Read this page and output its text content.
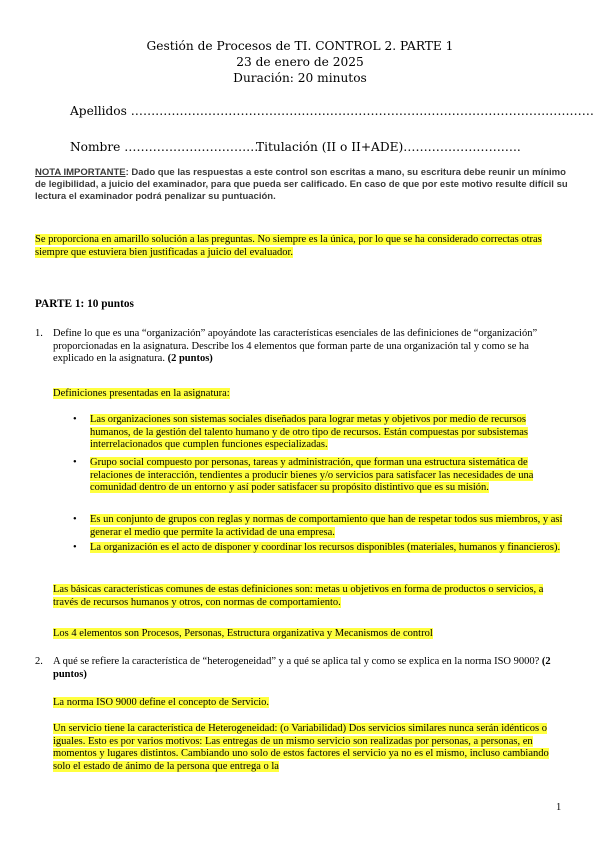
Gestión de Procesos de TI. CONTROL 2. PARTE 1
23 de enero de 2025
Duración: 20 minutos
Apellidos ……………………………………………………………………………………………………
Nombre ……………………………
Titulación (II o II+ADE)………………………..
NOTA IMPORTANTE: Dado que las respuestas a este control son escritas a mano, su escritura debe reunir un mínimo de legibilidad, a juicio del examinador, para que pueda ser calificado. En caso de que por este motivo resulte difícil su lectura el examinador podrá penalizar su puntuación.
Se proporciona en amarillo solución a las preguntas. No siempre es la única, por lo que se ha considerado correctas otras siempre que estuviera bien justificadas a juicio del evaluador.
PARTE 1: 10 puntos
1. Define lo que es una “organización” apoyándote las características esenciales de las definiciones de “organización” proporcionadas en la asignatura. Describe los 4 elementos que forman parte de una organización tal y como se ha explicado en la asignatura. (2 puntos)
Definiciones presentadas en la asignatura:
• Las organizaciones son sistemas sociales diseñados para lograr metas y objetivos por medio de recursos humanos, de la gestión del talento humano y de otro tipo de recursos. Están compuestas por subsistemas interrelacionados que cumplen funciones especializadas.
• Grupo social compuesto por personas, tareas y administración, que forman una estructura sistemática de relaciones de interacción, tendientes a producir bienes y/o servicios para satisfacer las necesidades de una comunidad dentro de un entorno y así poder satisfacer su propósito distintivo que es su misión.
• Es un conjunto de grupos con reglas y normas de comportamiento que han de respetar todos sus miembros, y así generar el medio que permite la actividad de una empresa.
• La organización es el acto de disponer y coordinar los recursos disponibles (materiales, humanos y financieros).
Las básicas características comunes de estas definiciones son: metas u objetivos en forma de productos o servicios, a través de recursos humanos y otros, con normas de comportamiento.
Los 4 elementos son Procesos, Personas, Estructura organizativa y Mecanismos de control
2. A qué se refiere la característica de “heterogeneidad” y a qué se aplica tal y como se explica en la norma ISO 9000? (2 puntos)
La norma ISO 9000 define el concepto de Servicio.
Un servicio tiene la característica de Heterogeneidad: (o Variabilidad) Dos servicios similares nunca serán idénticos o iguales. Esto es por varios motivos: Las entregas de un mismo servicio son realizadas por personas, a personas, en momentos y lugares distintos. Cambiando uno solo de estos factores el servicio ya no es el mismo, incluso cambiando solo el estado de ánimo de la persona que entrega o la
1
